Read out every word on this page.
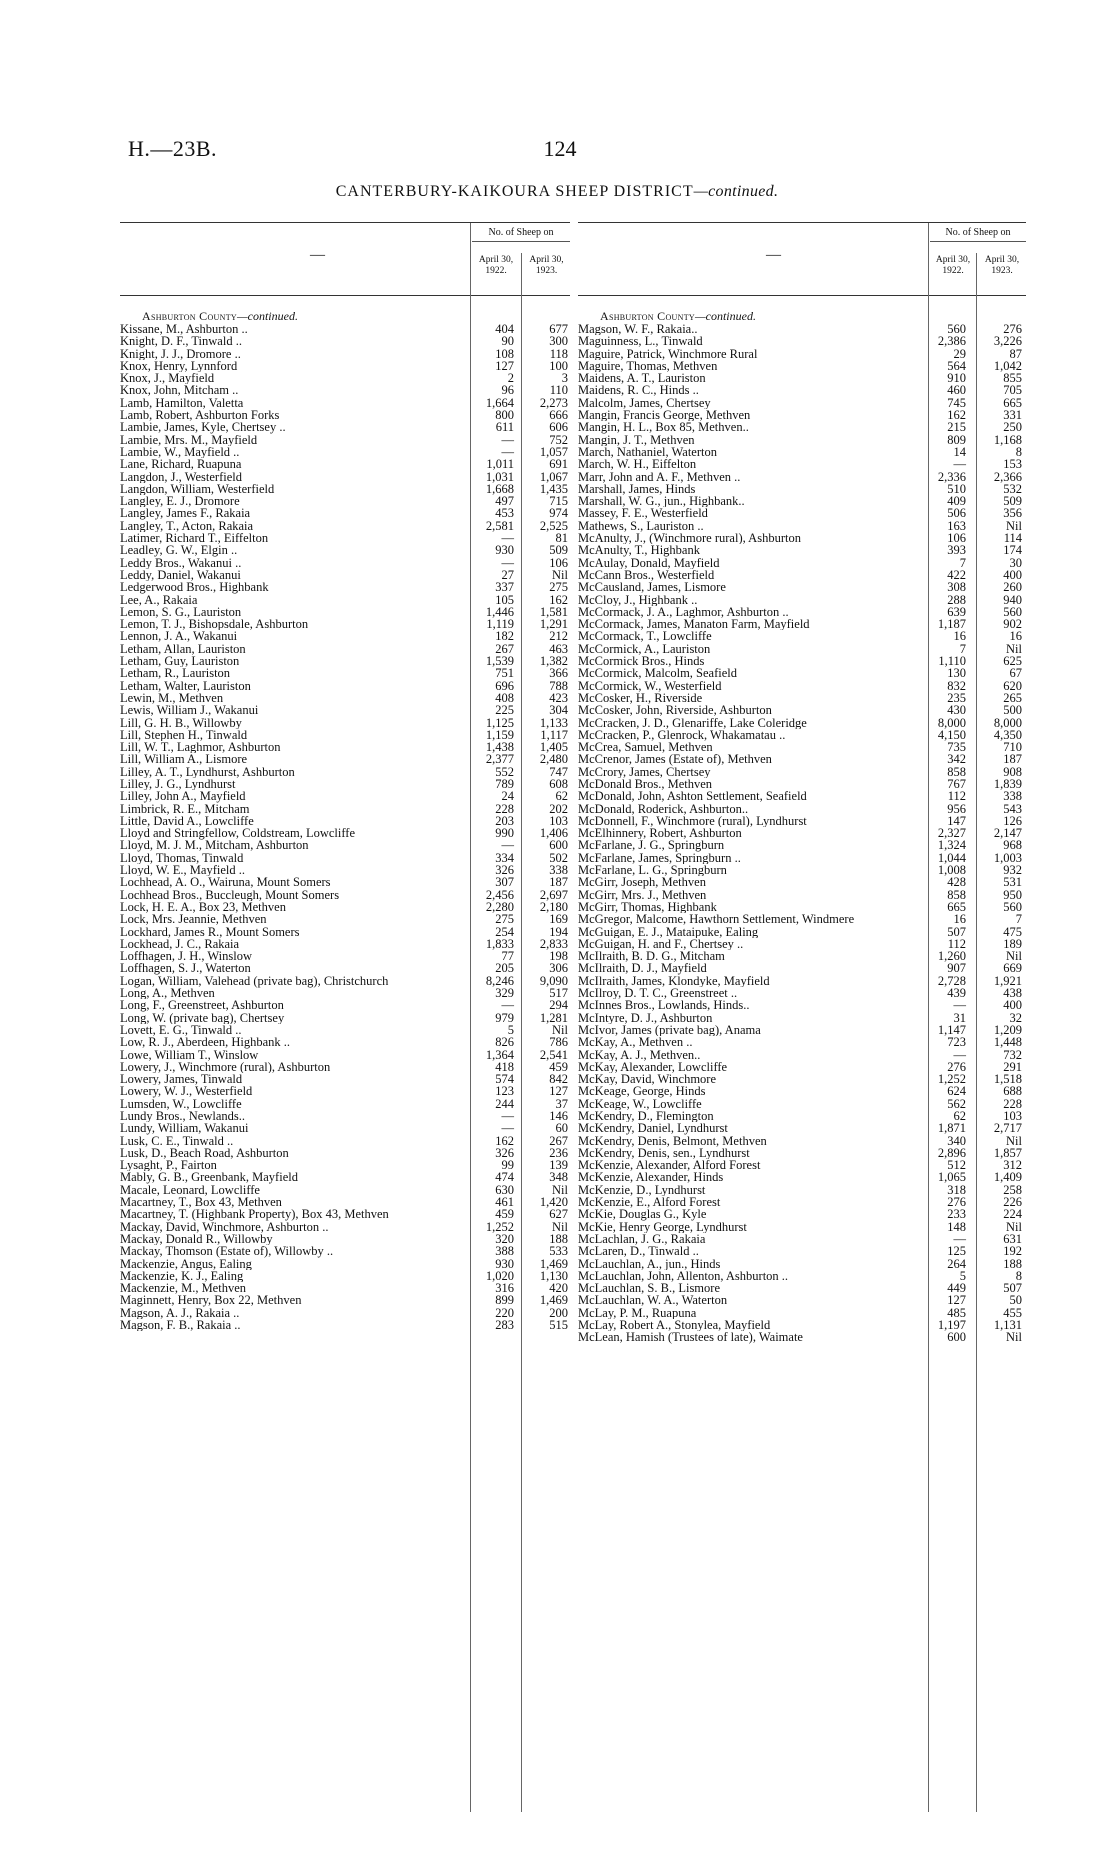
H.—23B.	124
CANTERBURY-KAIKOURA SHEEP DISTRICT—continued.
—
No. of Sheep on
April 30, 1922.
April 30, 1923.
Ashburton County—continued.
Kissane, M., Ashburton ..	404	677
Knight, D. F., Tinwald ..	90	300
Knight, J. J., Dromore ..	108	118
Knox, Henry, Lynnford	127	100
Knox, J., Mayfield	2	3
Knox, John, Mitcham ..	96	110
Lamb, Hamilton, Valetta	1,664	2,273
Lamb, Robert, Ashburton Forks	800	666
Lambie, James, Kyle, Chertsey ..	611	606
Lambie, Mrs. M., Mayfield	—	752
Lambie, W., Mayfield ..	—	1,057
Lane, Richard, Ruapuna	1,011	691
Langdon, J., Westerfield	1,031	1,067
Langdon, William, Westerfield	1,668	1,435
Langley, E. J., Dromore	497	715
Langley, James F., Rakaia	453	974
Langley, T., Acton, Rakaia	2,581	2,525
Latimer, Richard T., Eiffelton	—	81
Leadley, G. W., Elgin ..	930	509
Leddy Bros., Wakanui ..	—	106
Leddy, Daniel, Wakanui	27	Nil
Ledgerwood Bros., Highbank	337	275
Lee, A., Rakaia	105	162
Lemon, S. G., Lauriston	1,446	1,581
Lemon, T. J., Bishopsdale, Ashburton	1,119	1,291
Lennon, J. A., Wakanui	182	212
Letham, Allan, Lauriston	267	463
Letham, Guy, Lauriston	1,539	1,382
Letham, R., Lauriston	751	366
Letham, Walter, Lauriston	696	788
Lewin, M., Methven	408	423
Lewis, William J., Wakanui	225	304
Lill, G. H. B., Willowby	1,125	1,133
Lill, Stephen H., Tinwald	1,159	1,117
Lill, W. T., Laghmor, Ashburton	1,438	1,405
Lill, William A., Lismore	2,377	2,480
Lilley, A. T., Lyndhurst, Ashburton	552	747
Lilley, J. G., Lyndhurst	789	608
Lilley, John A., Mayfield	24	62
Limbrick, R. E., Mitcham	228	202
Little, David A., Lowcliffe	203	103
Lloyd and Stringfellow, Coldstream, Lowcliffe	990	1,406
Lloyd, M. J. M., Mitcham, Ashburton	—	600
Lloyd, Thomas, Tinwald	334	502
Lloyd, W. E., Mayfield ..	326	338
Lochhead, A. O., Wairuna, Mount Somers	307	187
Lochhead Bros., Buccleugh, Mount Somers	2,456	2,697
Lock, H. E. A., Box 23, Methven	2,280	2,180
Lock, Mrs. Jeannie, Methven	275	169
Lockhard, James R., Mount Somers	254	194
Lockhead, J. C., Rakaia	1,833	2,833
Loffhagen, J. H., Winslow	77	198
Loffhagen, S. J., Waterton	205	306
Logan, William, Valehead (private bag), Christchurch	8,246	9,090
Long, A., Methven	329	517
Long, F., Greenstreet, Ashburton	—	294
Long, W. (private bag), Chertsey	979	1,281
Lovett, E. G., Tinwald ..	5	Nil
Low, R. J., Aberdeen, Highbank ..	826	786
Lowe, William T., Winslow	1,364	2,541
Lowery, J., Winchmore (rural), Ashburton	418	459
Lowery, James, Tinwald	574	842
Lowery, W. J., Westerfield	123	127
Lumsden, W., Lowcliffe	244	37
Lundy Bros., Newlands..	—	146
Lundy, William, Wakanui	—	60
Lusk, C. E., Tinwald ..	162	267
Lusk, D., Beach Road, Ashburton	326	236
Lysaght, P., Fairton	99	139
Mably, G. B., Greenbank, Mayfield	474	348
Macale, Leonard, Lowcliffe	630	Nil
Macartney, T., Box 43, Methven	461	1,420
Macartney, T. (Highbank Property), Box 43, Methven	459	627
Mackay, David, Winchmore, Ashburton ..	1,252	Nil
Mackay, Donald R., Willowby	320	188
Mackay, Thomson (Estate of), Willowby ..	388	533
Mackenzie, Angus, Ealing	930	1,469
Mackenzie, K. J., Ealing	1,020	1,130
Mackenzie, M., Methven	316	420
Maginnett, Henry, Box 22, Methven	899	1,469
Magson, A. J., Rakaia ..	220	200
Magson, F. B., Rakaia ..	283	515
—
No. of Sheep on
April 30, 1922.
April 30, 1923.
Ashburton County—continued.
Magson, W. F., Rakaia..	560	276
Maguinness, L., Tinwald	2,386	3,226
Maguire, Patrick, Winchmore Rural	29	87
Maguire, Thomas, Methven	564	1,042
Maidens, A. T., Lauriston	910	855
Maidens, R. C., Hinds ..	460	705
Malcolm, James, Chertsey	745	665
Mangin, Francis George, Methven	162	331
Mangin, H. L., Box 85, Methven..	215	250
Mangin, J. T., Methven	809	1,168
March, Nathaniel, Waterton	14	8
March, W. H., Eiffelton	—	153
Marr, John and A. F., Methven ..	2,336	2,366
Marshall, James, Hinds	510	532
Marshall, W. G., jun., Highbank..	409	509
Massey, F. E., Westerfield	506	356
Mathews, S., Lauriston ..	163	Nil
McAnulty, J., (Winchmore rural), Ashburton	106	114
McAnulty, T., Highbank	393	174
McAulay, Donald, Mayfield	7	30
McCann Bros., Westerfield	422	400
McCausland, James, Lismore	308	260
McCloy, J., Highbank ..	288	940
McCormack, J. A., Laghmor, Ashburton ..	639	560
McCormack, James, Manaton Farm, Mayfield	1,187	902
McCormack, T., Lowcliffe	16	16
McCormick, A., Lauriston	7	Nil
McCormick Bros., Hinds	1,110	625
McCormick, Malcolm, Seafield	130	67
McCormick, W., Westerfield	832	620
McCosker, H., Riverside	235	265
McCosker, John, Riverside, Ashburton	430	500
McCracken, J. D., Glenariffe, Lake Coleridge	8,000	8,000
McCracken, P., Glenrock, Whakamatau ..	4,150	4,350
McCrea, Samuel, Methven	735	710
McCrenor, James (Estate of), Methven	342	187
McCrory, James, Chertsey	858	908
McDonald Bros., Methven	767	1,839
McDonald, John, Ashton Settlement, Seafield	112	338
McDonald, Roderick, Ashburton..	956	543
McDonnell, F., Winchmore (rural), Lyndhurst	147	126
McElhinnery, Robert, Ashburton	2,327	2,147
McFarlane, J. G., Springburn	1,324	968
McFarlane, James, Springburn ..	1,044	1,003
McFarlane, L. G., Springburn	1,008	932
McGirr, Joseph, Methven	428	531
McGirr, Mrs. J., Methven	858	950
McGirr, Thomas, Highbank	665	560
McGregor, Malcome, Hawthorn Settlement, Windmere	16	7
McGuigan, E. J., Mataipuke, Ealing	507	475
McGuigan, H. and F., Chertsey ..	112	189
McIlraith, B. D. G., Mitcham	1,260	Nil
McIlraith, D. J., Mayfield	907	669
McIlraith, James, Klondyke, Mayfield	2,728	1,921
McIlroy, D. T. C., Greenstreet ..	439	438
McInnes Bros., Lowlands, Hinds..	—	400
McIntyre, D. J., Ashburton	31	32
McIvor, James (private bag), Anama	1,147	1,209
McKay, A., Methven ..	723	1,448
McKay, A. J., Methven..	—	732
McKay, Alexander, Lowcliffe	276	291
McKay, David, Winchmore	1,252	1,518
McKeage, George, Hinds	624	688
McKeage, W., Lowcliffe	562	228
McKendry, D., Flemington	62	103
McKendry, Daniel, Lyndhurst	1,871	2,717
McKendry, Denis, Belmont, Methven	340	Nil
McKendry, Denis, sen., Lyndhurst	2,896	1,857
McKenzie, Alexander, Alford Forest	512	312
McKenzie, Alexander, Hinds	1,065	1,409
McKenzie, D., Lyndhurst	318	258
McKenzie, E., Alford Forest	276	226
McKie, Douglas G., Kyle	233	224
McKie, Henry George, Lyndhurst	148	Nil
McLachlan, J. G., Rakaia	—	631
McLaren, D., Tinwald ..	125	192
McLauchlan, A., jun., Hinds	264	188
McLauchlan, John, Allenton, Ashburton ..	5	8
McLauchlan, S. B., Lismore	449	507
McLauchlan, W. A., Waterton	127	50
McLay, P. M., Ruapuna	485	455
McLay, Robert A., Stonylea, Mayfield	1,197	1,131
McLean, Hamish (Trustees of late), Waimate	600	Nil
